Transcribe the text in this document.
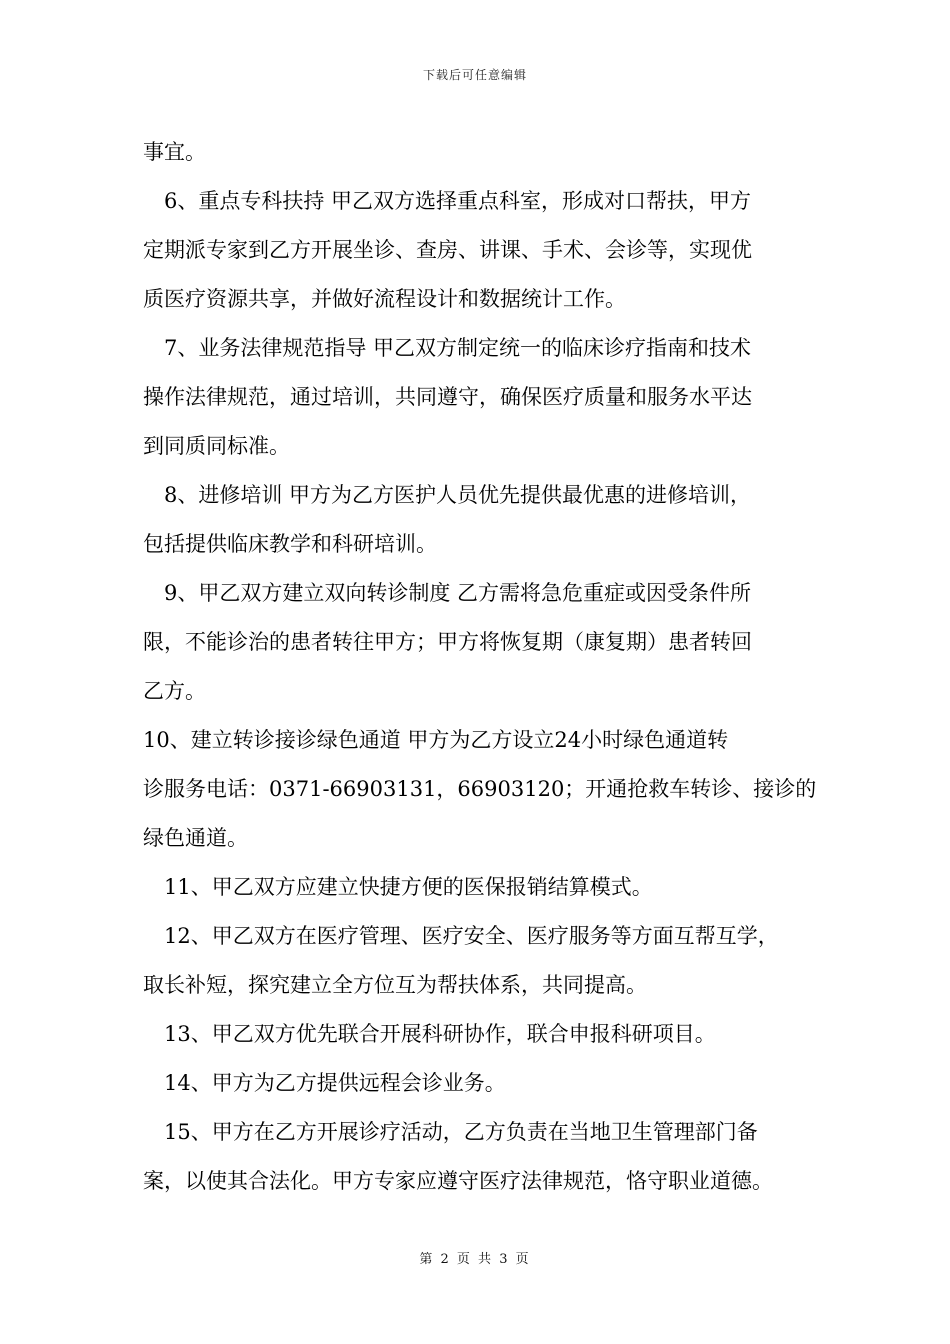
下载后可任意编辑

事宜。

　6、重点专科扶持 甲乙双方选择重点科室，形成对口帮扶，甲方
定期派专家到乙方开展坐诊、查房、讲课、手术、会诊等，实现优
质医疗资源共享，并做好流程设计和数据统计工作。

　7、业务法律规范指导 甲乙双方制定统一的临床诊疗指南和技术
操作法律规范，通过培训，共同遵守，确保医疗质量和服务水平达
到同质同标准。

　8、进修培训 甲方为乙方医护人员优先提供最优惠的进修培训，
包括提供临床教学和科研培训。

　9、甲乙双方建立双向转诊制度 乙方需将急危重症或因受条件所
限，不能诊治的患者转往甲方；甲方将恢复期（康复期）患者转回
乙方。

10、建立转诊接诊绿色通道 甲方为乙方设立24小时绿色通道转
诊服务电话：0371-66903131，66903120；开通抢救车转诊、接诊的
绿色通道。

　11、甲乙双方应建立快捷方便的医保报销结算模式。

　12、甲乙双方在医疗管理、医疗安全、医疗服务等方面互帮互学，
取长补短，探究建立全方位互为帮扶体系，共同提高。

　13、甲乙双方优先联合开展科研协作，联合申报科研项目。

　14、甲方为乙方提供远程会诊业务。

　15、甲方在乙方开展诊疗活动，乙方负责在当地卫生管理部门备
案，以使其合法化。甲方专家应遵守医疗法律规范，恪守职业道德。

第 2 页 共 3 页
